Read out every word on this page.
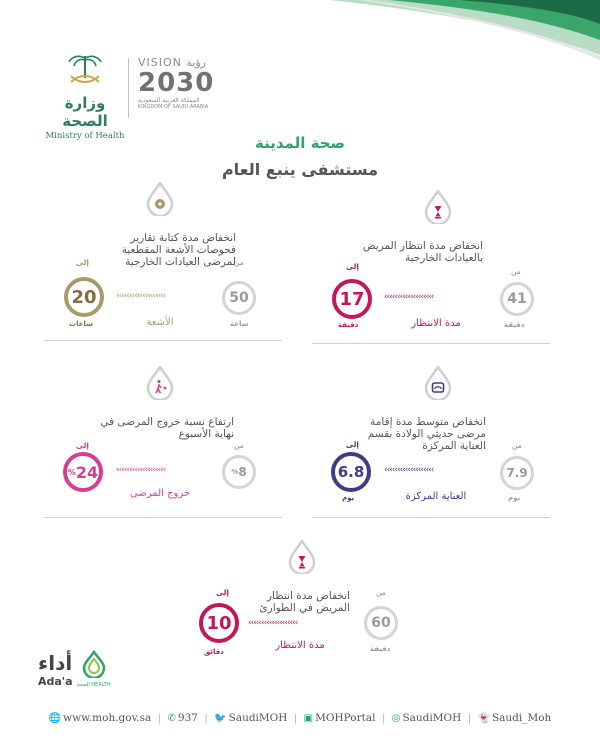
وزارة الصحة
Ministry of Health
VISION رؤية
2030
المملكة العربية السعودية
KINGDOM OF SAUDI ARABIA
صحة المدينة
مستشفى ينبع العام
انخفاض مدة انتظار المريض بالعيادات الخارجية
من
إلى
41
17	‹‹‹‹‹‹‹‹‹‹‹‹‹‹‹‹‹‹‹
دقيقة
دقيقة	مدة الانتظار
انخفاض مدة كتابة تقارير فحوصات الأشعة المقطعية لمرضى العيادات الخارجية
من
إلى
50
20	‹‹‹‹‹‹‹‹‹‹‹‹‹‹‹‹‹‹‹
ساعة
ساعات	الأشعة
انخفاض متوسط مدة إقامة مرضى حديثي الولادة بقسم العناية المركزة	من
إلى
7.9
6.8	‹‹‹‹‹‹‹‹‹‹‹‹‹‹‹‹‹‹‹
يوم
يوم	العناية المركزة
ارتفاع نسبة خروج المرضى في نهاية الأسبوع
من
إلى
% 8
% 24 ‹‹‹‹‹‹‹‹‹‹‹‹‹‹‹‹‹‹‹
خروج المرضى
انخفاض مدة انتظار المريض في الطوارئ
من
إلى
60
10	‹‹‹‹‹‹‹‹‹‹‹‹‹‹‹‹‹‹‹
دقيقة
دقائق
مدة الانتظار
أداء
Ada'a الصحة HEALTH
🌐 www.moh.gov.sa | ✆ 937 | 🐦 SaudiMOH | ▣ MOHPortal | ◎ SaudiMOH | 👻 Saudi_Moh
